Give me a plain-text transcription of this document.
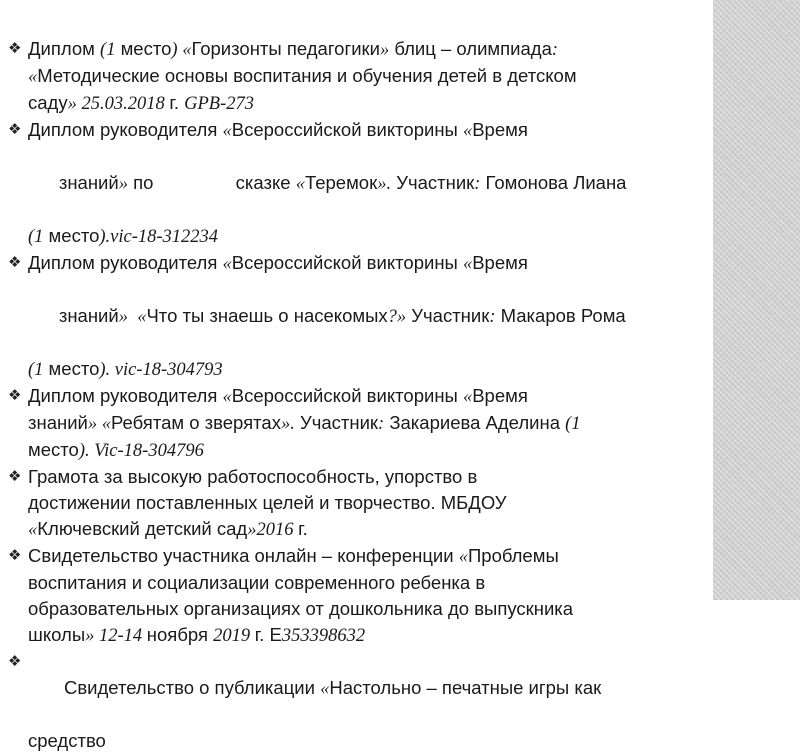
❖ Диплом (1 место) «Горизонты педагогики» блиц – олимпиада:
«Методические основы воспитания и обучения детей в детском
саду» 25.03.2018 г. GPB-273
❖ Диплом руководителя «Всероссийской викторины «Время

знаний» по                сказке «Теремок». Участник: Гомонова Лиана

(1 место).vic-18-312234
❖ Диплом руководителя «Всероссийской викторины «Время

знаний»  «Что ты знаешь о насекомых?» Участник: Макаров Рома

(1 место). vic-18-304793
❖ Диплом руководителя «Всероссийской викторины «Время
знаний» «Ребятам о зверятах». Участник: Закариева Аделина (1
место). Vic-18-304796
❖ Грамота за высокую работоспособность, упорство в
достижении поставленных целей и творчество. МБДОУ
«Ключевский детский сад»2016 г.
❖ Свидетельство участника онлайн – конференции «Проблемы
воспитания и социализации современного ребенка в
образовательных организациях от дошкольника до выпускника
школы» 12-14 ноября 2019 г. Е353398632
❖

Свидетельство о публикации «Настольно – печатные игры как

средство
